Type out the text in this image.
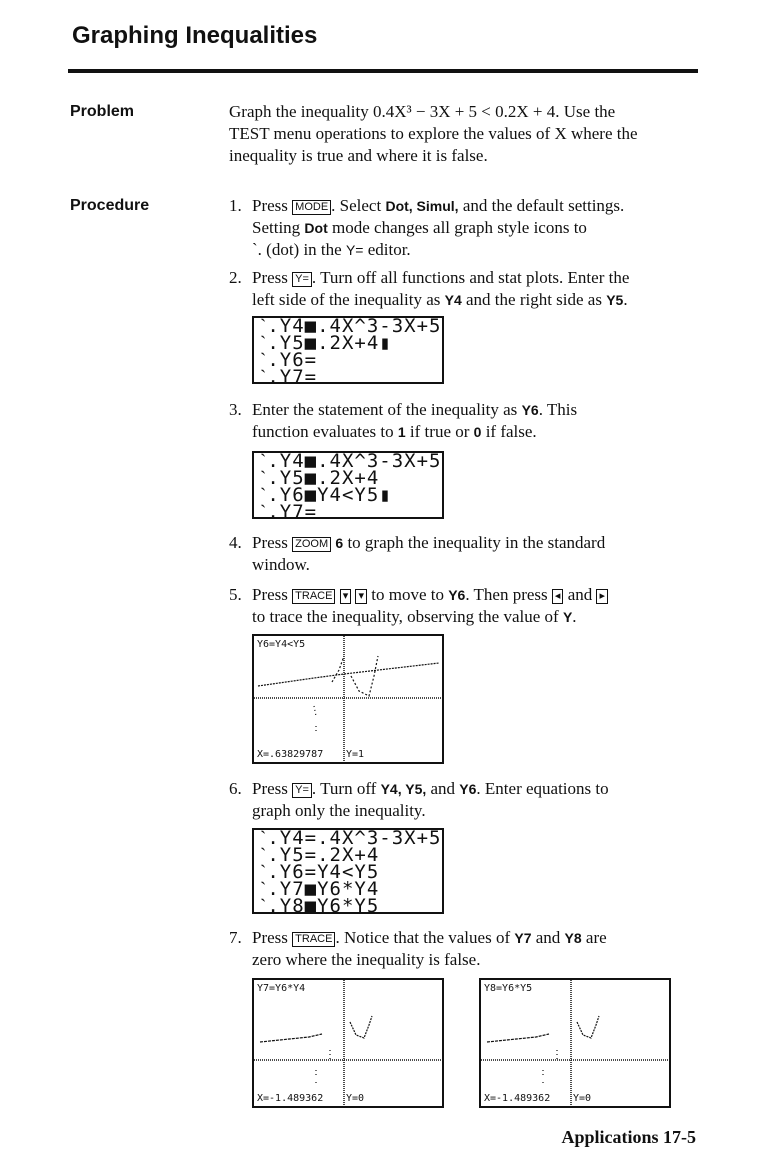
Graphing Inequalities
Problem	Graph the inequality 0.4X³ − 3X + 5 < 0.2X + 4. Use the
TEST menu operations to explore the values of X where the
inequality is true and where it is false.
Procedure	1. Press MODE . Select Dot, Simul, and the default settings.
Setting Dot mode changes all graph style icons to
ˋ. (dot) in the Y= editor.
2. Press Y= . Turn off all functions and stat plots. Enter the
left side of the inequality as Y4 and the right side as Y5.
ˋ.Y4■.4X^3-3X+5
ˋ.Y5■.2X+4▮
ˋ.Y6=
ˋ.Y7=
3. Enter the statement of the inequality as Y6. This
function evaluates to 1 if true or 0 if false.
ˋ.Y4■.4X^3-3X+5
ˋ.Y5■.2X+4
ˋ.Y6■Y4<Y5▮
ˋ.Y7=
4. Press ZOOM 6 to graph the inequality in the standard
window.
5. Press TRACE ▾ ▾ to move to Y6. Then press ◂ and ▸
to trace the inequality, observing the value of Y.
Y6=Y4<Y5
X=.63829787 Y=1
6. Press Y= . Turn off Y4, Y5, and Y6. Enter equations to
graph only the inequality.
ˋ.Y4=.4X^3-3X+5
ˋ.Y5=.2X+4
ˋ.Y6=Y4<Y5
ˋ.Y7■Y6*Y4
ˋ.Y8■Y6*Y5
7. Press TRACE . Notice that the values of Y7 and Y8 are
zero where the inequality is false.
Y7=Y6*Y4
X=-1.489362 Y=0
Y8=Y6*Y5
X=-1.489362 Y=0
Applications 17-5
